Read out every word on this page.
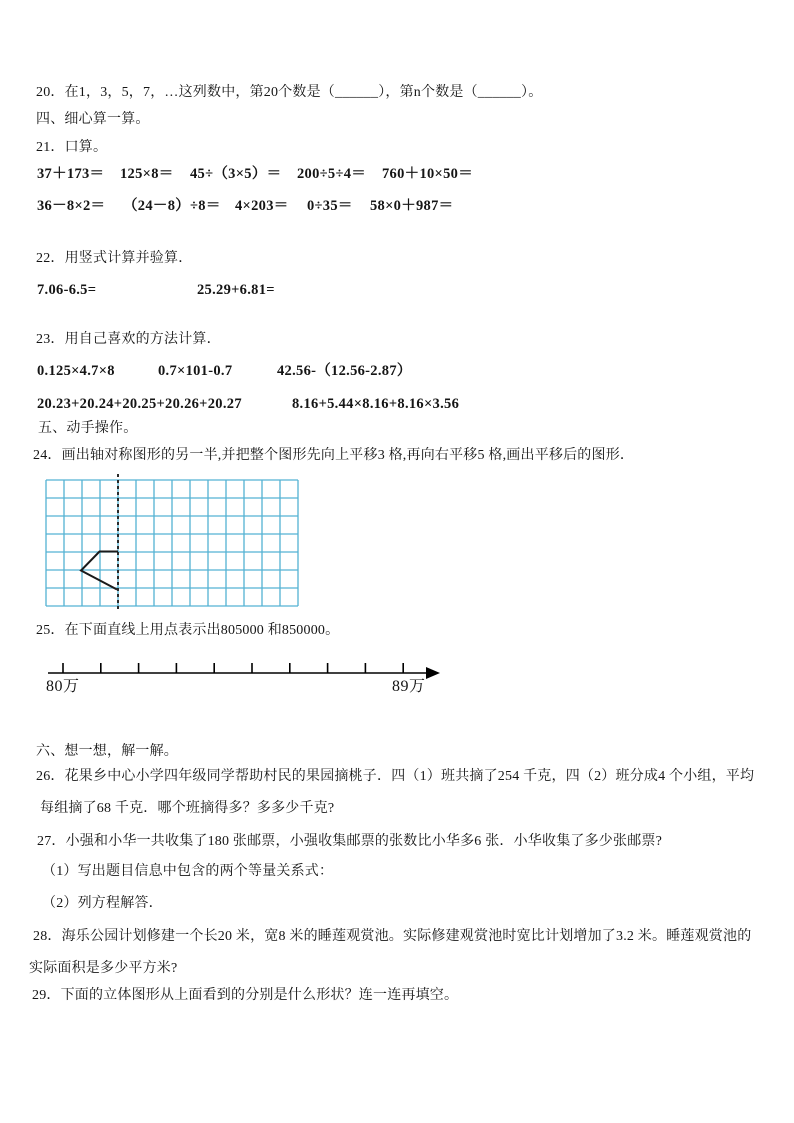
20．在1，3，5，7，…这列数中，第20个数是（______），第n个数是（______）。
四、细心算一算。
21．口算。
37＋173＝ 125×8＝ 45÷（3×5）＝ 200÷5÷4＝ 760＋10×50＝
36－8×2＝ （24－8）÷8＝ 4×203＝ 0÷35＝ 58×0＋987＝
22．用竖式计算并验算．
7.06-6.5=	25.29+6.81=
23．用自己喜欢的方法计算．
0.125×4.7×8	0.7×101-0.7	42.56-（12.56-2.87）
20.23+20.24+20.25+20.26+20.27	8.16+5.44×8.16+8.16×3.56
五、动手操作。
24．画出轴对称图形的另一半,并把整个图形先向上平移3 格,再向右平移5 格,画出平移后的图形．
25．在下面直线上用点表示出805000 和850000。
80万	89万
六、想一想，解一解。
26．花果乡中心小学四年级同学帮助村民的果园摘桃子．四（1）班共摘了254 千克，四（2）班分成4 个小组，平均
每组摘了68 千克．哪个班摘得多？多多少千克?
27．小强和小华一共收集了180 张邮票，小强收集邮票的张数比小华多6 张．小华收集了多少张邮票?
（1）写出题目信息中包含的两个等量关系式：
（2）列方程解答．
28．海乐公园计划修建一个长20 米，宽8 米的睡莲观赏池。实际修建观赏池时宽比计划增加了3.2 米。睡莲观赏池的
实际面积是多少平方米?
29．下面的立体图形从上面看到的分别是什么形状？连一连再填空。
